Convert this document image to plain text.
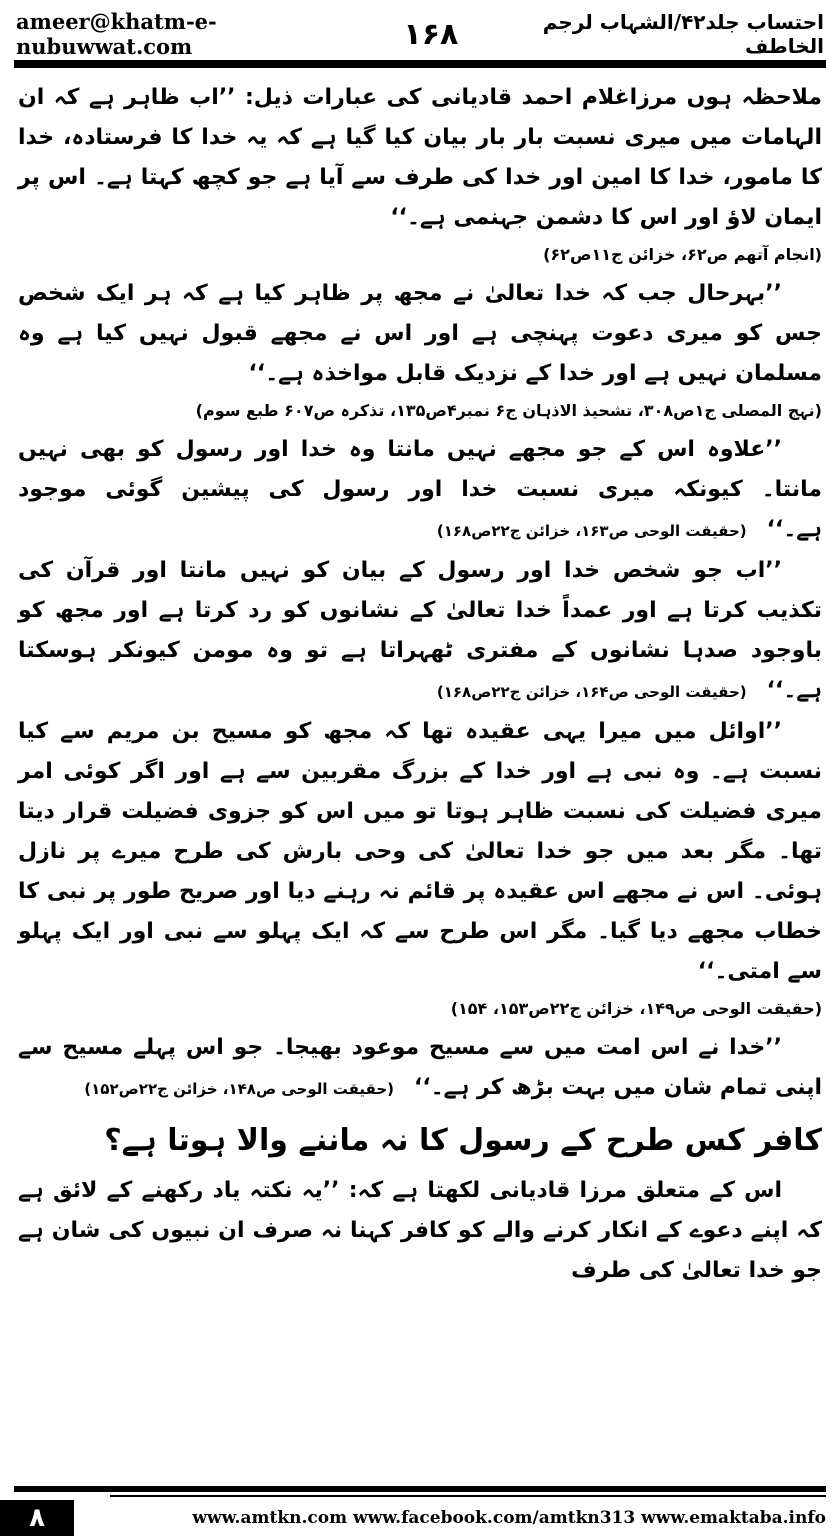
ameer@khatm-e-nubuwwat.com	۱۶۸	احتساب جلد۴۲/الشہاب لرجم الخاطف

ملاحظہ ہوں مرزاغلام احمد قادیانی کی عبارات ذیل: ’’اب ظاہر ہے کہ ان الہامات میں میری نسبت بار بار بیان کیا گیا ہے کہ یہ خدا کا فرستادہ، خدا کا مامور، خدا کا امین اور خدا کی طرف سے آیا ہے جو کچھ کہتا ہے۔ اس پر ایمان لاؤ اور اس کا دشمن جہنمی ہے۔‘‘

(انجام آتھم ص۶۲، خزائن ج۱۱ص۶۲)

’’بہرحال جب کہ خدا تعالیٰ نے مجھ پر ظاہر کیا ہے کہ ہر ایک شخص جس کو میری دعوت پہنچی ہے اور اس نے مجھے قبول نہیں کیا ہے وہ مسلمان نہیں ہے اور خدا کے نزدیک قابل مواخذہ ہے۔‘‘

(نہج المصلی ج۱ص۳۰۸، تشحیذ الاذہان ج۶ نمبر۴ص۱۳۵، تذکرہ ص۶۰۷ طبع سوم)

’’علاوہ اس کے جو مجھے نہیں مانتا وہ خدا اور رسول کو بھی نہیں مانتا۔ کیونکہ میری نسبت خدا اور رسول کی پیشین گوئی موجود ہے۔‘‘(حقیقت الوحی ص۱۶۳، خزائن ج۲۲ص۱۶۸)

’’اب جو شخص خدا اور رسول کے بیان کو نہیں مانتا اور قرآن کی تکذیب کرتا ہے اور عمداً خدا تعالیٰ کے نشانوں کو رد کرتا ہے اور مجھ کو باوجود صدہا نشانوں کے مفتری ٹھہراتا ہے تو وہ مومن کیونکر ہوسکتا ہے۔‘‘(حقیقت الوحی ص۱۶۴، خزائن ج۲۲ص۱۶۸)

’’اوائل میں میرا یہی عقیدہ تھا کہ مجھ کو مسیح بن مریم سے کیا نسبت ہے۔ وہ نبی ہے اور خدا کے بزرگ مقربین سے ہے اور اگر کوئی امر میری فضیلت کی نسبت ظاہر ہوتا تو میں اس کو جزوی فضیلت قرار دیتا تھا۔ مگر بعد میں جو خدا تعالیٰ کی وحی بارش کی طرح میرے پر نازل ہوئی۔ اس نے مجھے اس عقیدہ پر قائم نہ رہنے دیا اور صریح طور پر نبی کا خطاب مجھے دیا گیا۔ مگر اس طرح سے کہ ایک پہلو سے نبی اور ایک پہلو سے امتی۔‘‘

(حقیقت الوحی ص۱۴۹، خزائن ج۲۲ص۱۵۳، ۱۵۴)

’’خدا نے اس امت میں سے مسیح موعود بھیجا۔ جو اس پہلے مسیح سے اپنی تمام شان میں بہت بڑھ کر ہے۔‘‘(حقیقت الوحی ص۱۴۸، خزائن ج۲۲ص۱۵۲)

کافر کس طرح کے رسول کا نہ ماننے والا ہوتا ہے؟

اس کے متعلق مرزا قادیانی لکھتا ہے کہ: ’’یہ نکتہ یاد رکھنے کے لائق ہے کہ اپنے دعوے کے انکار کرنے والے کو کافر کہنا نہ صرف ان نبیوں کی شان ہے جو خدا تعالیٰ کی طرف

۸	www.amtkn.com www.facebook.com/amtkn313 www.emaktaba.info
